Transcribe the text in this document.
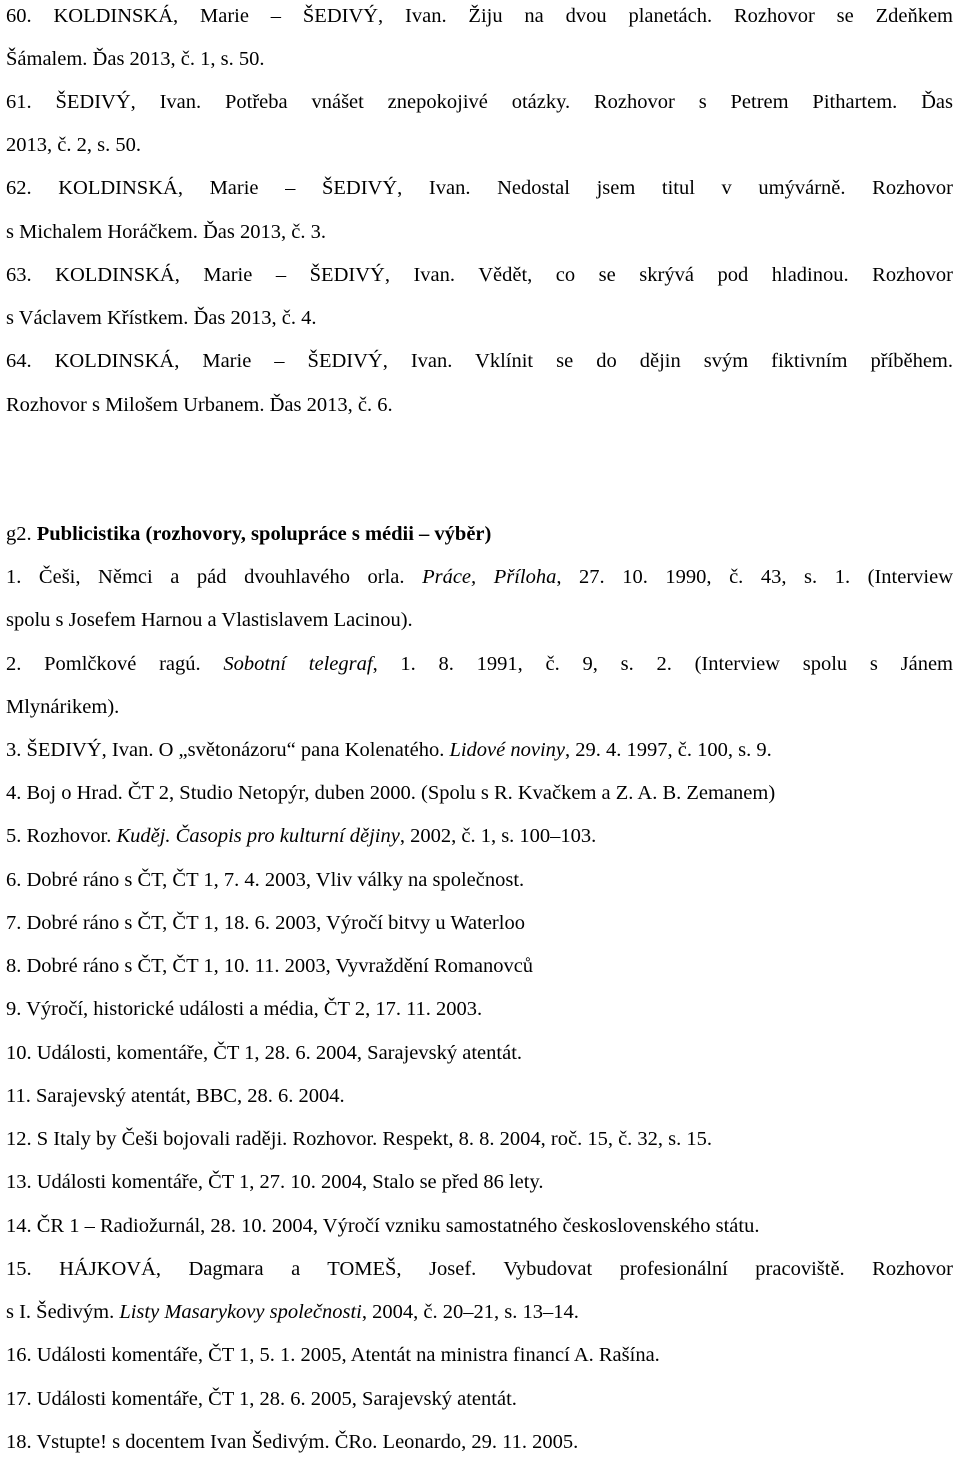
60. KOLDINSKÁ, Marie – ŠEDIVÝ, Ivan. Žiju na dvou planetách. Rozhovor se Zdeňkem
Šámalem. Ďas 2013, č. 1, s. 50.
61. ŠEDIVÝ, Ivan. Potřeba vnášet znepokojivé otázky. Rozhovor s Petrem Pithartem. Ďas
2013, č. 2, s. 50.
62. KOLDINSKÁ, Marie – ŠEDIVÝ, Ivan. Nedostal jsem titul v umývárně. Rozhovor
s Michalem Horáčkem. Ďas 2013, č. 3.
63. KOLDINSKÁ, Marie – ŠEDIVÝ, Ivan. Vědět, co se skrývá pod hladinou. Rozhovor
s Václavem Křístkem. Ďas 2013, č. 4.
64. KOLDINSKÁ, Marie – ŠEDIVÝ, Ivan. Vklínit se do dějin svým fiktivním příběhem.
Rozhovor s Milošem Urbanem. Ďas 2013, č. 6.
g2. Publicistika (rozhovory, spolupráce s médii – výběr)
1. Češi, Němci a pád dvouhlavého orla. Práce, Příloha, 27. 10. 1990, č. 43, s. 1. (Interview
spolu s Josefem Harnou a Vlastislavem Lacinou).
2. Pomlčkové ragú. Sobotní telegraf, 1. 8. 1991, č. 9, s. 2. (Interview spolu s Jánem
Mlynárikem).
3. ŠEDIVÝ, Ivan. O „světonázoru“ pana Kolenatého. Lidové noviny, 29. 4. 1997, č. 100, s. 9.
4. Boj o Hrad. ČT 2, Studio Netopýr, duben 2000. (Spolu s R. Kvačkem a Z. A. B. Zemanem)
5. Rozhovor. Kuděj. Časopis pro kulturní dějiny, 2002, č. 1, s. 100–103.
6. Dobré ráno s ČT, ČT 1, 7. 4. 2003, Vliv války na společnost.
7. Dobré ráno s ČT, ČT 1, 18. 6. 2003, Výročí bitvy u Waterloo
8. Dobré ráno s ČT, ČT 1, 10. 11. 2003, Vyvraždění Romanovců
9. Výročí, historické události a média, ČT 2, 17. 11. 2003.
10. Události, komentáře, ČT 1, 28. 6. 2004, Sarajevský atentát.
11. Sarajevský atentát, BBC, 28. 6. 2004.
12. S Italy by Češi bojovali raději. Rozhovor. Respekt, 8. 8. 2004, roč. 15, č. 32, s. 15.
13. Události komentáře, ČT 1, 27. 10. 2004, Stalo se před 86 lety.
14. ČR 1 – Radiožurnál, 28. 10. 2004, Výročí vzniku samostatného československého státu.
15. HÁJKOVÁ, Dagmara a TOMEŠ, Josef. Vybudovat profesionální pracoviště. Rozhovor
s I. Šedivým. Listy Masarykovy společnosti, 2004, č. 20–21, s. 13–14.
16. Události komentáře, ČT 1, 5. 1. 2005, Atentát na ministra financí A. Rašína.
17. Události komentáře, ČT 1, 28. 6. 2005, Sarajevský atentát.
18. Vstupte! s docentem Ivan Šedivým. ČRo. Leonardo, 29. 11. 2005.
